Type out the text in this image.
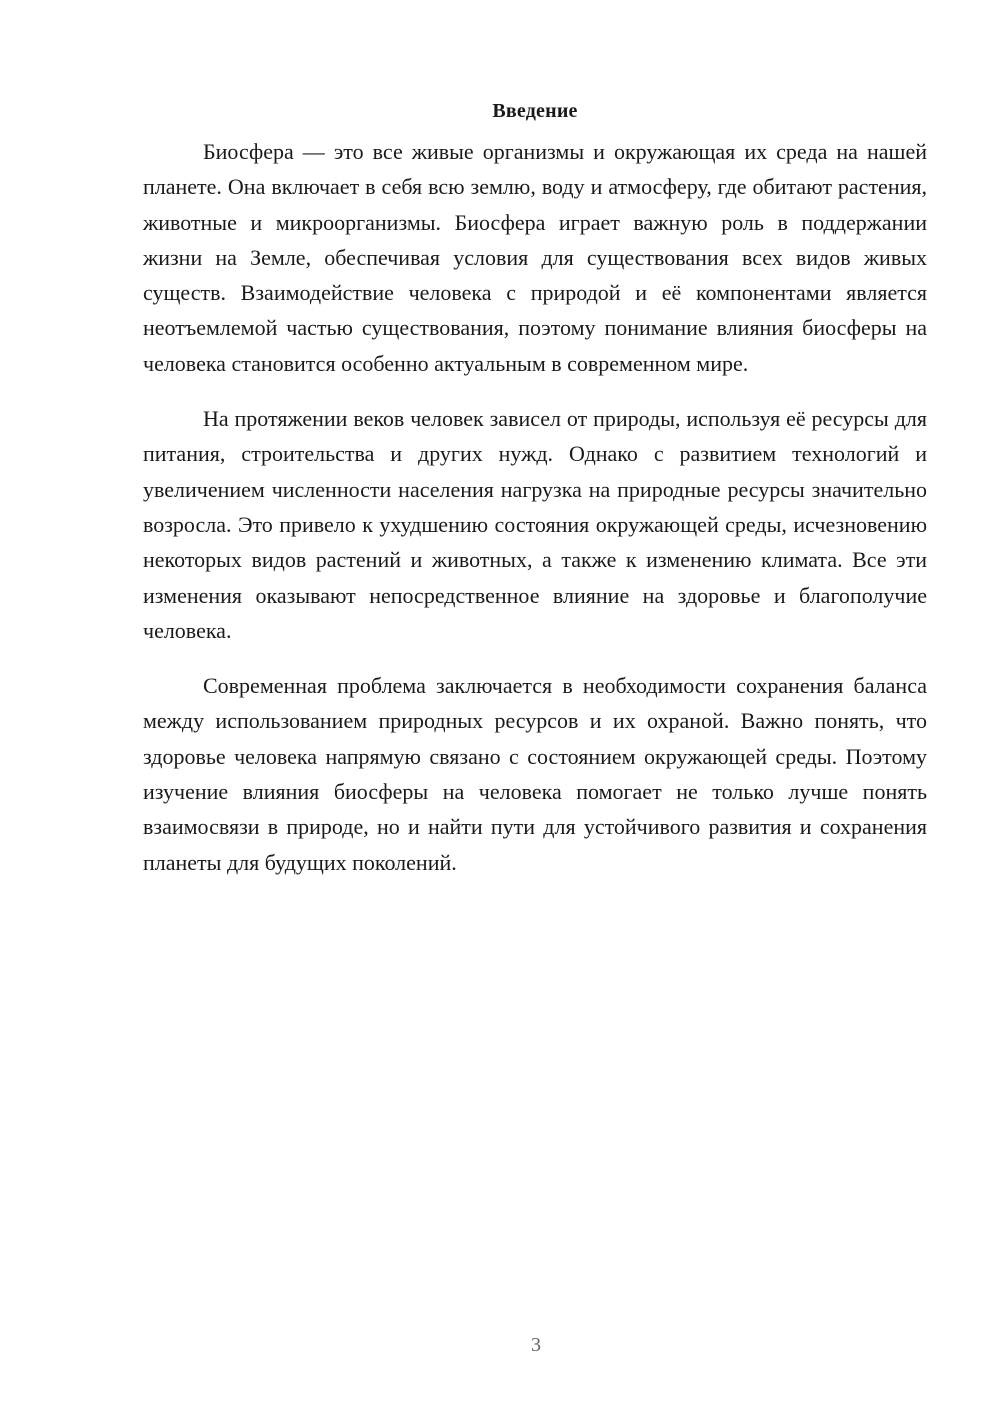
Введение

Биосфера — это все живые организмы и окружающая их среда на нашей планете. Она включает в себя всю землю, воду и атмосферу, где обитают растения, животные и микроорганизмы. Биосфера играет важную роль в поддержании жизни на Земле, обеспечивая условия для существования всех видов живых существ. Взаимодействие человека с природой и её компонентами является неотъемлемой частью существования, поэтому понимание влияния биосферы на человека становится особенно актуальным в современном мире.

На протяжении веков человек зависел от природы, используя её ресурсы для питания, строительства и других нужд. Однако с развитием технологий и увеличением численности населения нагрузка на природные ресурсы значительно возросла. Это привело к ухудшению состояния окружающей среды, исчезновению некоторых видов растений и животных, а также к изменению климата. Все эти изменения оказывают непосредственное влияние на здоровье и благополучие человека.

Современная проблема заключается в необходимости сохранения баланса между использованием природных ресурсов и их охраной. Важно понять, что здоровье человека напрямую связано с состоянием окружающей среды. Поэтому изучение влияния биосферы на человека помогает не только лучше понять взаимосвязи в природе, но и найти пути для устойчивого развития и сохранения планеты для будущих поколений.

3
